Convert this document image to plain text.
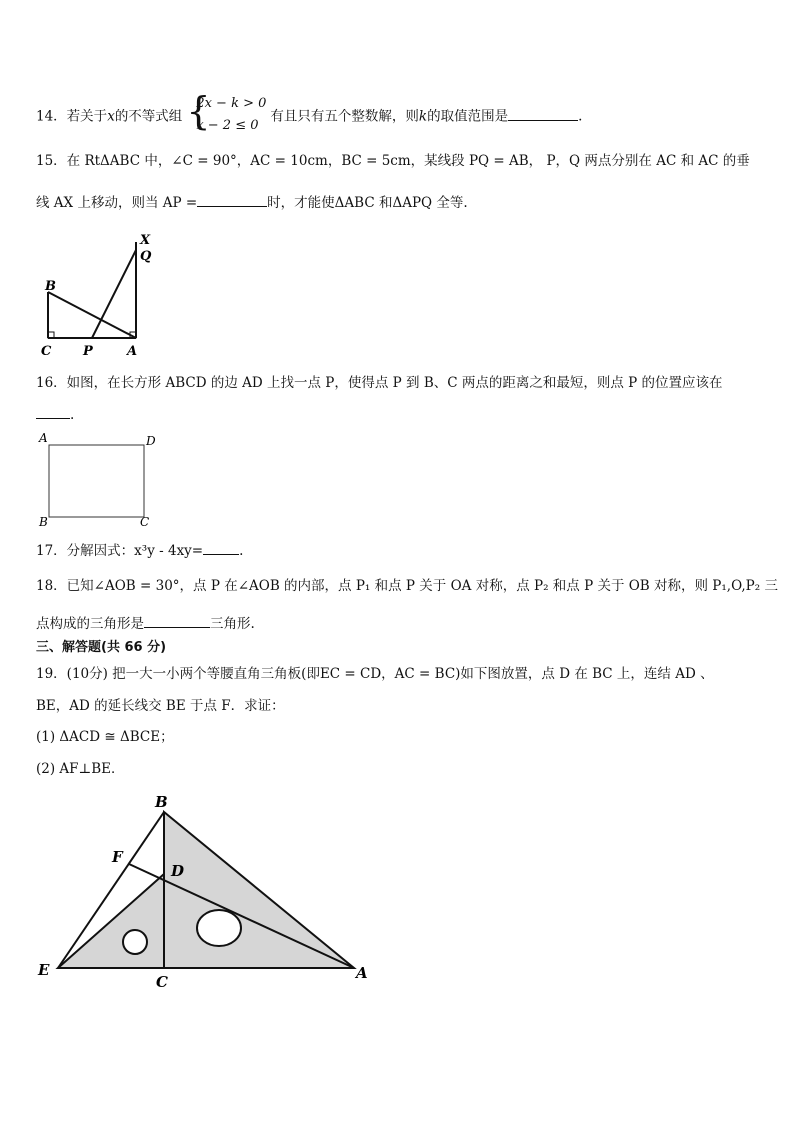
14．若关于x的不等式组 {
2x − k > 0
x − 2 ≤ 0
有且只有五个整数解，则k的取值范围是	.
15．在 RtΔABC 中，∠C = 90°，AC = 10cm，BC = 5cm，某线段 PQ = AB， P，Q 两点分别在 AC 和 AC 的垂
线 AX 上移动，则当 AP =	时，才能使ΔABC 和ΔAPQ 全等.
X
Q
B
C P	A
16．如图，在长方形 ABCD 的边 AD 上找一点 P，使得点 P 到 B、C 两点的距离之和最短，则点 P 的位置应该在
.
A	D
B	C
17．分解因式：x³y - 4xy=	.
18．已知∠AOB = 30°，点 P 在∠AOB 的内部，点 P₁ 和点 P 关于 OA 对称，点 P₂ 和点 P 关于 OB 对称，则 P₁,O,P₂ 三
点构成的三角形是	三角形.
三、解答题(共 66 分)
19．(10分) 把一大一小两个等腰直角三角板(即EC = CD，AC = BC)如下图放置，点 D 在 BC 上，连结 AD 、
BE，AD 的延长线交 BE 于点 F．求证：
(1) ΔACD ≅ ΔBCE；
(2) AF⊥BE．
B
F
D
E
C	A
